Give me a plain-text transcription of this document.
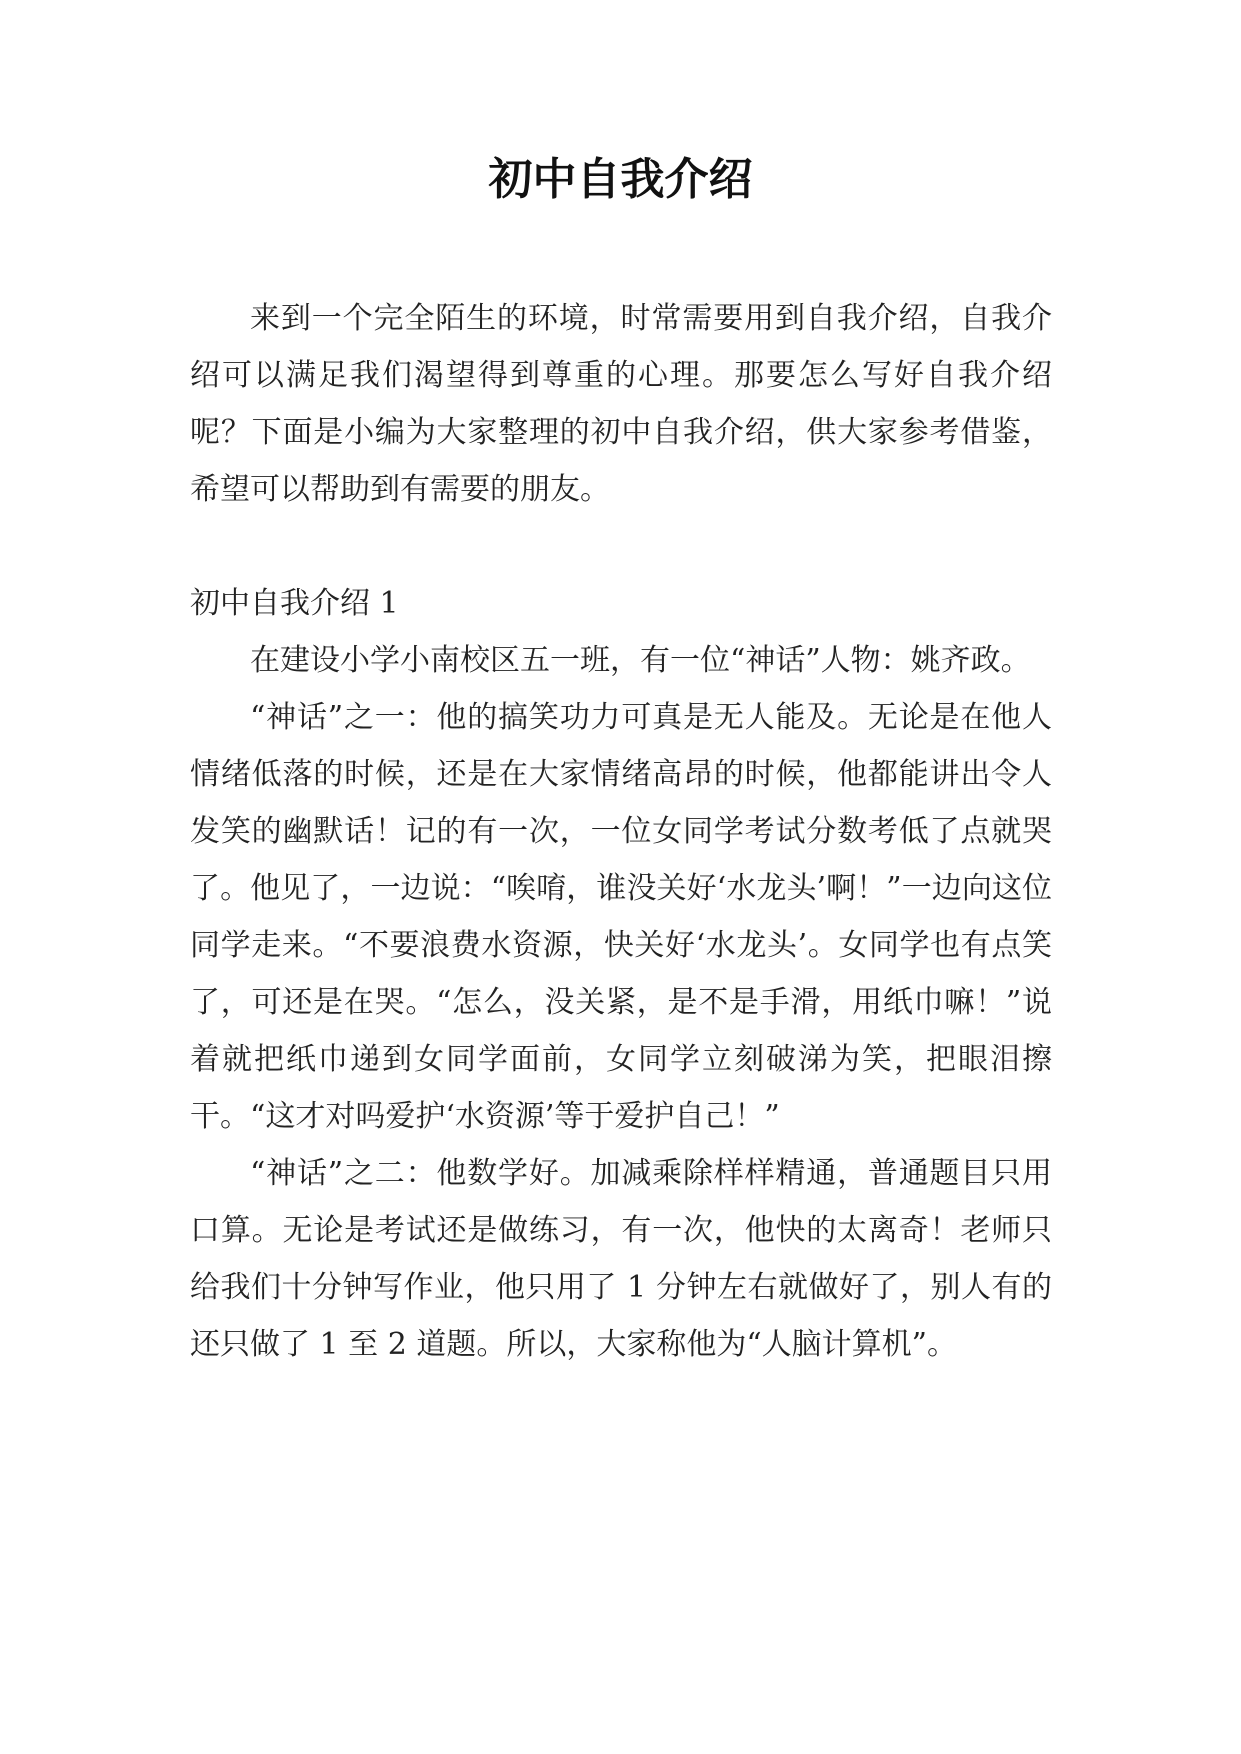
初中自我介绍

来到一个完全陌生的环境，时常需要用到自我介绍，自我介绍可以满足我们渴望得到尊重的心理。那要怎么写好自我介绍呢？下面是小编为大家整理的初中自我介绍，供大家参考借鉴，希望可以帮助到有需要的朋友。

初中自我介绍 1

在建设小学小南校区五一班，有一位“神话”人物：姚齐政。

“神话”之一：他的搞笑功力可真是无人能及。无论是在他人情绪低落的时候，还是在大家情绪高昂的时候，他都能讲出令人发笑的幽默话！记的有一次，一位女同学考试分数考低了点就哭了。他见了，一边说：“唉唷，谁没关好‘水龙头’啊！”一边向这位同学走来。“不要浪费水资源，快关好‘水龙头’。女同学也有点笑了，可还是在哭。“怎么，没关紧，是不是手滑，用纸巾嘛！”说着就把纸巾递到女同学面前，女同学立刻破涕为笑，把眼泪擦干。“这才对吗爱护‘水资源’等于爱护自己！”

“神话”之二：他数学好。加减乘除样样精通，普通题目只用口算。无论是考试还是做练习，有一次，他快的太离奇！老师只给我们十分钟写作业，他只用了 1 分钟左右就做好了，别人有的还只做了 1 至 2 道题。所以，大家称他为“人脑计算机”。
